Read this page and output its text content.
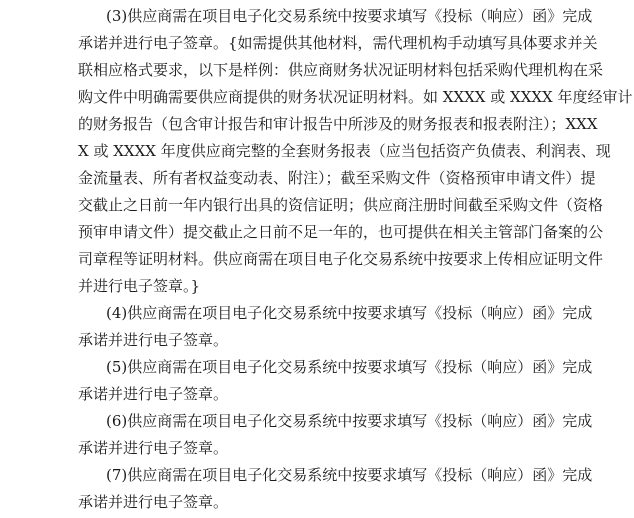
(3)供应商需在项目电子化交易系统中按要求填写《投标（响应）函》完成
承诺并进行电子签章。{如需提供其他材料，需代理机构手动填写具体要求并关
联相应格式要求，以下是样例：供应商财务状况证明材料包括采购代理机构在采
购文件中明确需要供应商提供的财务状况证明材料。如 XXXX 或 XXXX 年度经审计
的财务报告（包含审计报告和审计报告中所涉及的财务报表和报表附注）；XXX
X 或 XXXX 年度供应商完整的全套财务报表（应当包括资产负债表、利润表、现
金流量表、所有者权益变动表、附注）；截至采购文件（资格预审申请文件）提
交截止之日前一年内银行出具的资信证明；供应商注册时间截至采购文件（资格
预审申请文件）提交截止之日前不足一年的，也可提供在相关主管部门备案的公
司章程等证明材料。供应商需在项目电子化交易系统中按要求上传相应证明文件
并进行电子签章。}
(4)供应商需在项目电子化交易系统中按要求填写《投标（响应）函》完成
承诺并进行电子签章。
(5)供应商需在项目电子化交易系统中按要求填写《投标（响应）函》完成
承诺并进行电子签章。
(6)供应商需在项目电子化交易系统中按要求填写《投标（响应）函》完成
承诺并进行电子签章。
(7)供应商需在项目电子化交易系统中按要求填写《投标（响应）函》完成
承诺并进行电子签章。
